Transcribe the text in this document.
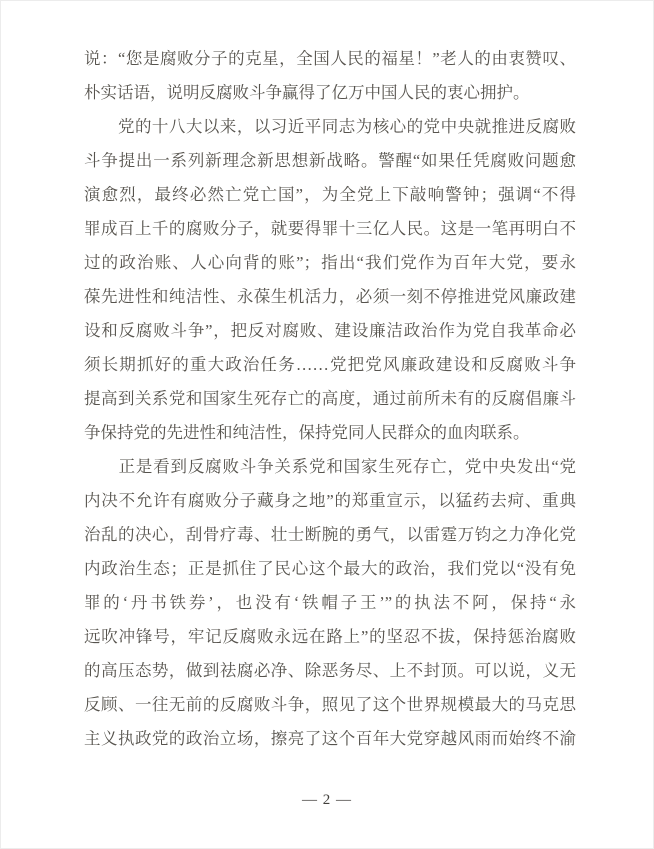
说：“您是腐败分子的克星，全国人民的福星！”老人的由衷赞叹、
朴实话语，说明反腐败斗争赢得了亿万中国人民的衷心拥护。
　　党的十八大以来，以习近平同志为核心的党中央就推进反腐败
斗争提出一系列新理念新思想新战略。警醒“如果任凭腐败问题愈
演愈烈，最终必然亡党亡国”，为全党上下敲响警钟；强调“不得
罪成百上千的腐败分子，就要得罪十三亿人民。这是一笔再明白不
过的政治账、人心向背的账”；指出“我们党作为百年大党，要永
葆先进性和纯洁性、永葆生机活力，必须一刻不停推进党风廉政建
设和反腐败斗争”，把反对腐败、建设廉洁政治作为党自我革命必
须长期抓好的重大政治任务……党把党风廉政建设和反腐败斗争
提高到关系党和国家生死存亡的高度，通过前所未有的反腐倡廉斗
争保持党的先进性和纯洁性，保持党同人民群众的血肉联系。
　　正是看到反腐败斗争关系党和国家生死存亡，党中央发出“党
内决不允许有腐败分子藏身之地”的郑重宣示，以猛药去疴、重典
治乱的决心，刮骨疗毒、壮士断腕的勇气，以雷霆万钧之力净化党
内政治生态；正是抓住了民心这个最大的政治，我们党以“没有免
罪的‘丹书铁券’，也没有‘铁帽子王’”的执法不阿，保持“永
远吹冲锋号，牢记反腐败永远在路上”的坚忍不拔，保持惩治腐败
的高压态势，做到祛腐必净、除恶务尽、上不封顶。可以说，义无
反顾、一往无前的反腐败斗争，照见了这个世界规模最大的马克思
主义执政党的政治立场，擦亮了这个百年大党穿越风雨而始终不渝
— 2 —
